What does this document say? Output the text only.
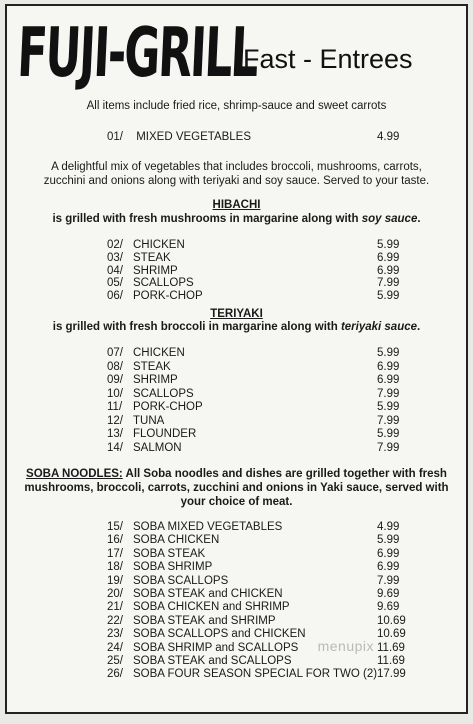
FUJI-GRILL
Fast - Entrees
All items include fried rice, shrimp-sauce and sweet carrots
01/ MIXED VEGETABLES	4.99
A delightful mix of vegetables that includes broccoli, mushrooms, carrots,
zucchini and onions along with teriyaki and soy sauce. Served to your taste.
HIBACHI
is grilled with fresh mushrooms in margarine along with soy sauce.
02/ CHICKEN	5.99
03/ STEAK	6.99
04/ SHRIMP	6.99
05/ SCALLOPS	7.99
06/ PORK-CHOP	5.99
TERIYAKI
is grilled with fresh broccoli in margarine along with teriyaki sauce.
07/ CHICKEN	5.99
08/ STEAK	6.99
09/ SHRIMP	6.99
10/ SCALLOPS	7.99
11/ PORK-CHOP	5.99
12/ TUNA	7.99
13/ FLOUNDER	5.99
14/ SALMON	7.99
SOBA NOODLES: All Soba noodles and dishes are grilled together with fresh
mushrooms, broccoli, carrots, zucchini and onions in Yaki sauce, served with
your choice of meat.
15/ SOBA MIXED VEGETABLES	4.99
16/ SOBA CHICKEN	5.99
17/ SOBA STEAK	6.99
18/ SOBA SHRIMP	6.99
19/ SOBA SCALLOPS	7.99
20/ SOBA STEAK and CHICKEN	9.69
21/ SOBA CHICKEN and SHRIMP	9.69
22/ SOBA STEAK and SHRIMP	10.69
23/ SOBA SCALLOPS and CHICKEN	10.69
24/ SOBA SHRIMP and SCALLOPS	11.69
25/ SOBA STEAK and SCALLOPS	11.69
26/ SOBA FOUR SEASON SPECIAL FOR TWO (2) 17.99
menupix
